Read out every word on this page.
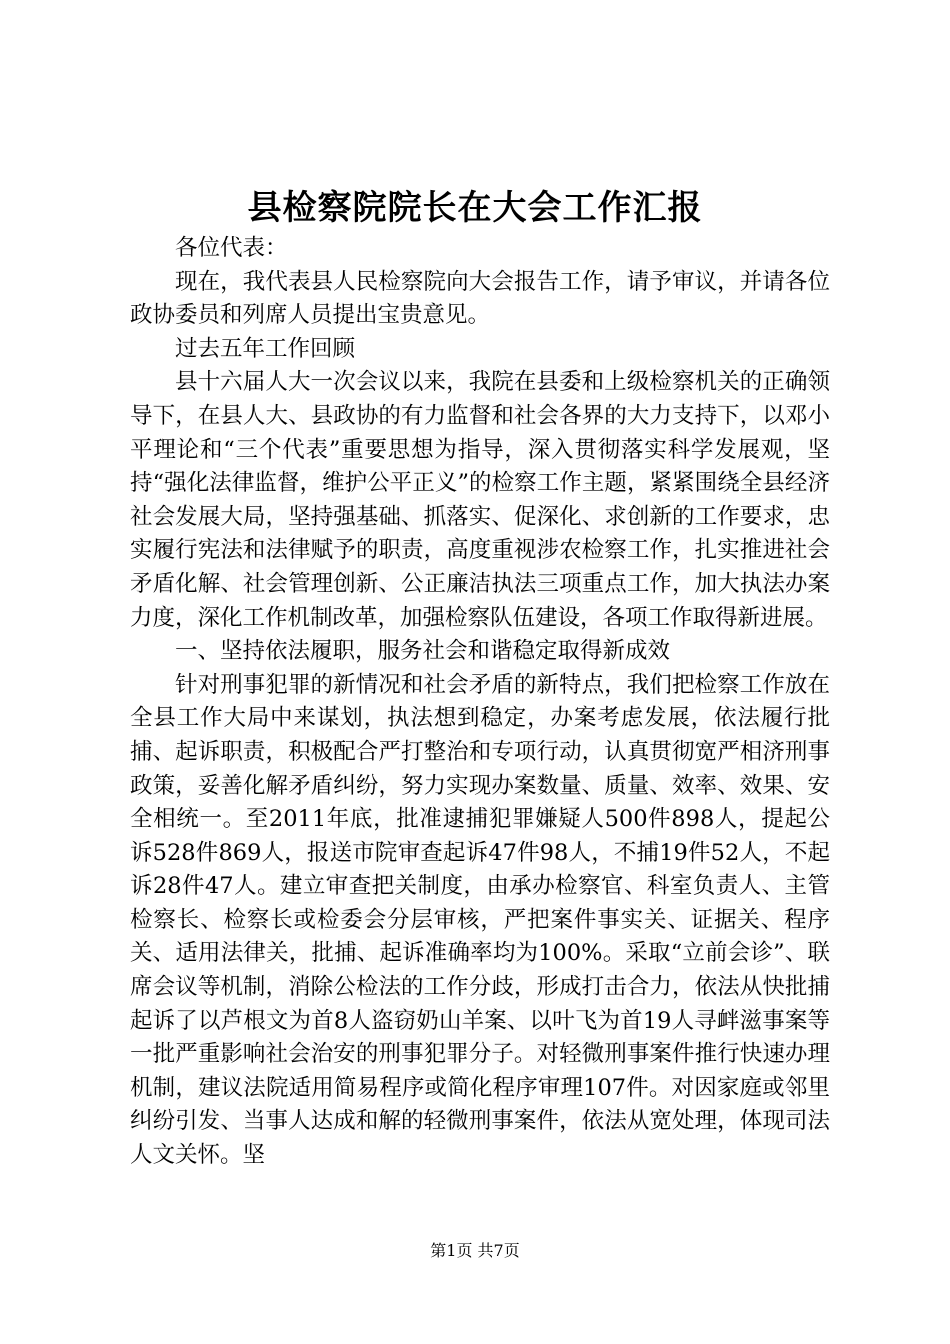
县检察院院长在大会工作汇报

各位代表：

现在，我代表县人民检察院向大会报告工作，请予审议，并请各位政协委员和列席人员提出宝贵意见。

过去五年工作回顾

县十六届人大一次会议以来，我院在县委和上级检察机关的正确领导下，在县人大、县政协的有力监督和社会各界的大力支持下，以邓小平理论和“三个代表”重要思想为指导，深入贯彻落实科学发展观，坚持“强化法律监督，维护公平正义”的检察工作主题，紧紧围绕全县经济社会发展大局，坚持强基础、抓落实、促深化、求创新的工作要求，忠实履行宪法和法律赋予的职责，高度重视涉农检察工作，扎实推进社会矛盾化解、社会管理创新、公正廉洁执法三项重点工作，加大执法办案力度，深化工作机制改革，加强检察队伍建设，各项工作取得新进展。

一、坚持依法履职，服务社会和谐稳定取得新成效

针对刑事犯罪的新情况和社会矛盾的新特点，我们把检察工作放在全县工作大局中来谋划，执法想到稳定，办案考虑发展，依法履行批捕、起诉职责，积极配合严打整治和专项行动，认真贯彻宽严相济刑事政策，妥善化解矛盾纠纷，努力实现办案数量、质量、效率、效果、安全相统一。至2011年底，批准逮捕犯罪嫌疑人500件898人，提起公诉528件869人，报送市院审查起诉47件98人，不捕19件52人，不起诉28件47人。建立审查把关制度，由承办检察官、科室负责人、主管检察长、检察长或检委会分层审核，严把案件事实关、证据关、程序关、适用法律关，批捕、起诉准确率均为100%。采取“立前会诊”、联席会议等机制，消除公检法的工作分歧，形成打击合力，依法从快批捕起诉了以芦根文为首8人盗窃奶山羊案、以叶飞为首19人寻衅滋事案等一批严重影响社会治安的刑事犯罪分子。对轻微刑事案件推行快速办理机制，建议法院适用简易程序或简化程序审理107件。对因家庭或邻里纠纷引发、当事人达成和解的轻微刑事案件，依法从宽处理，体现司法人文关怀。坚

第1页 共7页
